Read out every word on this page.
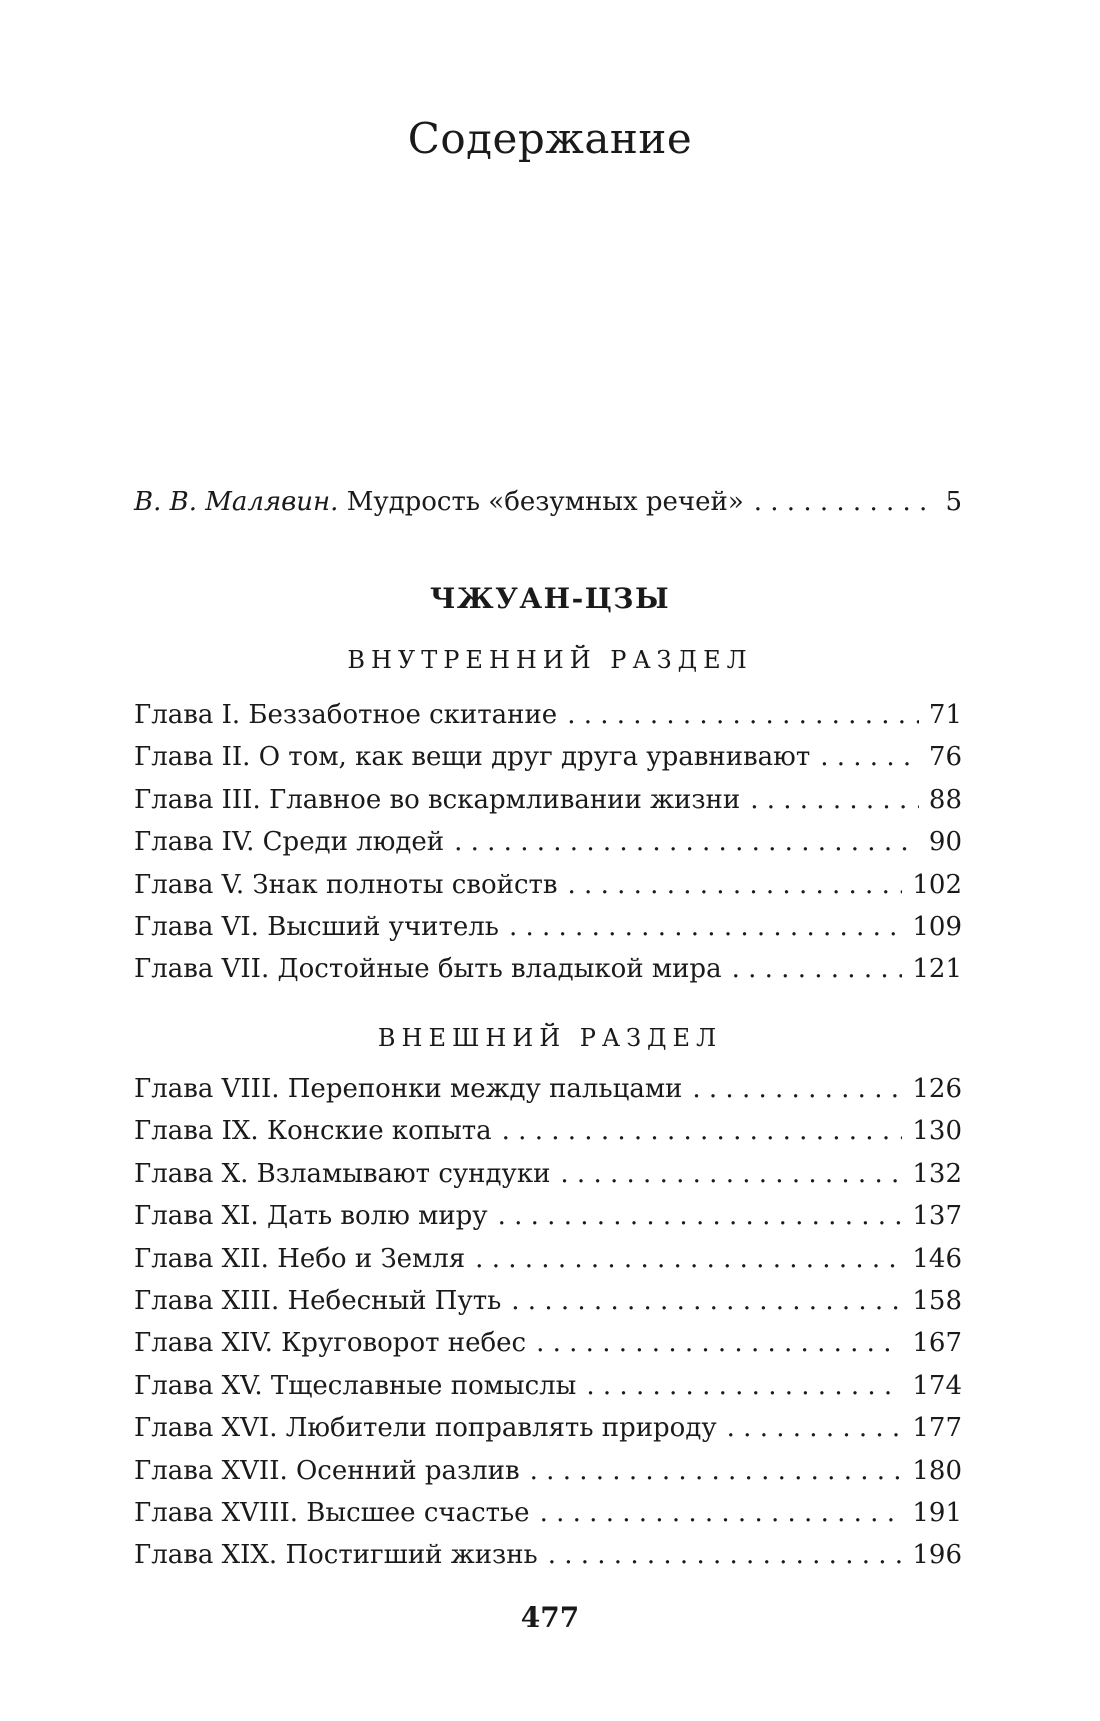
Содержание
В. В. Малявин. Мудрость «безумных речей» . . .	5
ЧЖУАН-ЦЗЫ
ВНУТРЕННИЙ РАЗДЕЛ
Глава I. Беззаботное скитание . . .	71
Глава II. О том, как вещи друг друга уравнивают . . .	76
Глава III. Главное во вскармливании жизни . . .	88
Глава IV. Среди людей . . .	90
Глава V. Знак полноты свойств . . .	102
Глава VI. Высший учитель . . .	109
Глава VII. Достойные быть владыкой мира . . .	121
ВНЕШНИЙ РАЗДЕЛ
Глава VIII. Перепонки между пальцами . . .	126
Глава IX. Конские копыта . . .	130
Глава X. Взламывают сундуки . . .	132
Глава XI. Дать волю миру . . .	137
Глава XII. Небо и Земля . . .	146
Глава XIII. Небесный Путь . . .	158
Глава XIV. Круговорот небес . . .	167
Глава XV. Тщеславные помыслы . . .	174
Глава XVI. Любители поправлять природу . . .	177
Глава XVII. Осенний разлив . . .	180
Глава XVIII. Высшее счастье . . .	191
Глава XIX. Постигший жизнь . . .	196
477
